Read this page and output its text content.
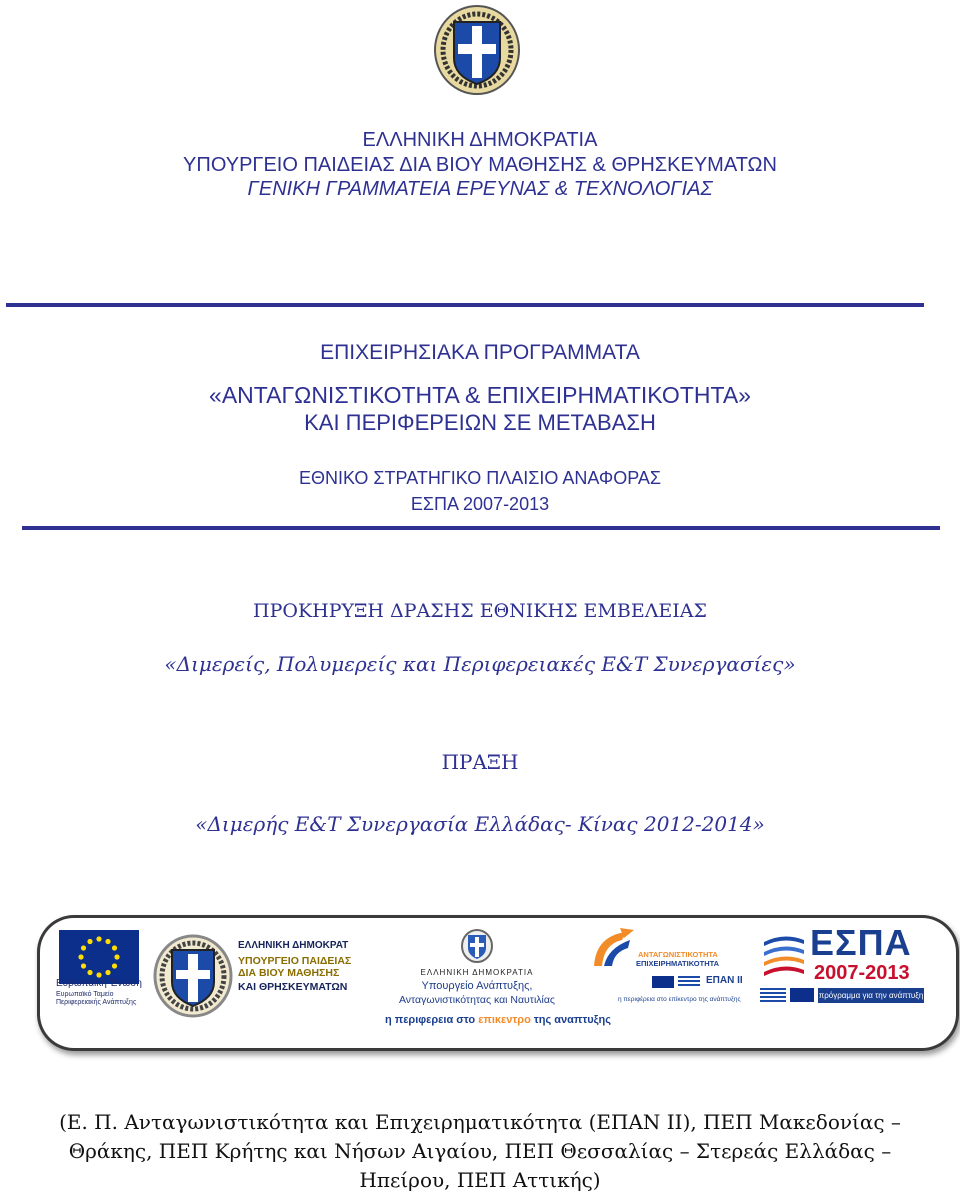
ΕΛΛΗΝΙΚΗ ΔΗΜΟΚΡΑΤΙΑ
ΥΠΟΥΡΓΕΙΟ ΠΑΙΔΕΙΑΣ ΔΙΑ ΒΙΟΥ ΜΑΘΗΣΗΣ & ΘΡΗΣΚΕΥΜΑΤΩΝ
ΓΕΝΙΚΗ ΓΡΑΜΜΑΤΕΙΑ ΕΡΕΥΝΑΣ & ΤΕΧΝΟΛΟΓΙΑΣ
ΕΠΙΧΕΙΡΗΣΙΑΚΑ ΠΡΟΓΡΑΜΜΑΤΑ
«ΑΝΤΑΓΩΝΙΣΤΙΚΟΤΗΤΑ & ΕΠΙΧΕΙΡΗΜΑΤΙΚΟΤΗΤΑ»
ΚΑΙ ΠΕΡΙΦΕΡΕΙΩΝ ΣΕ ΜΕΤΑΒΑΣΗ
ΕΘΝΙΚΟ ΣΤΡΑΤΗΓΙΚΟ ΠΛΑΙΣΙΟ ΑΝΑΦΟΡΑΣ
ΕΣΠΑ 2007-2013
ΠΡΟΚΗΡΥΞΗ ΔΡΑΣΗΣ ΕΘΝΙΚΗΣ ΕΜΒΕΛΕΙΑΣ
«Διμερείς, Πολυμερείς και Περιφερειακές Ε&Τ Συνεργασίες»
ΠΡΑΞΗ
«Διμερής Ε&Τ Συνεργασία Ελλάδας- Κίνας 2012-2014»
Ευρωπαϊκή Ένωση
Ευρωπαϊκό Ταμείο
Περιφερειακής Ανάπτυξης
ΕΛΛΗΝΙΚΗ ΔΗΜΟΚΡΑΤ
ΥΠΟΥΡΓΕΙΟ ΠΑΙΔΕΙΑΣ
ΔΙΑ ΒΙΟΥ ΜΑΘΗΣΗΣ
ΚΑΙ ΘΡΗΣΚΕΥΜΑΤΩΝ
ΕΛΛΗΝΙΚΗ ΔΗΜΟΚΡΑΤΙΑ
Υπουργείο Ανάπτυξης,
Ανταγωνιστικότητας και Ναυτιλίας
ΑΝΤΑΓΩΝΙΣΤΙΚΟΤΗΤΑ
ΕΠΙΧΕΙΡΗΜΑΤΙΚΟΤΗΤΑ
ΕΠΑΝ ΙΙ
η περιφέρεια στο επίκεντρο της ανάπτυξης
ΕΣΠΑ
2007-2013
πρόγραμμα για την ανάπτυξη
η περιφερεια στο επικεντρο της αναπτυξης
(Ε. Π. Ανταγωνιστικότητα και Επιχειρηματικότητα (ΕΠΑΝ ΙΙ), ΠΕΠ Μακεδονίας –
Θράκης, ΠΕΠ Κρήτης και Νήσων Αιγαίου, ΠΕΠ Θεσσαλίας – Στερεάς Ελλάδας –
Ηπείρου, ΠΕΠ Αττικής)
